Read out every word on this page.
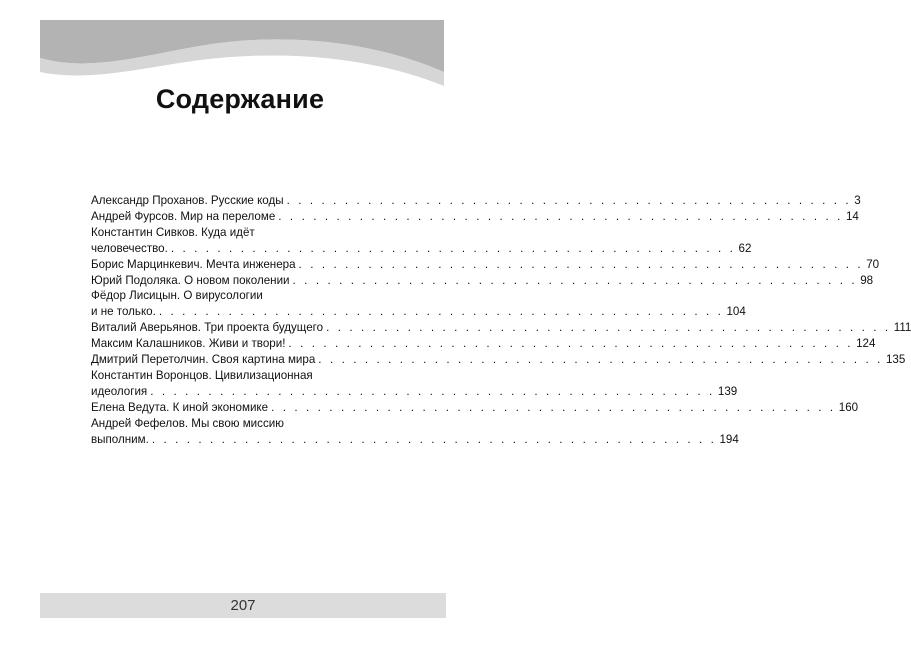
Содержание
Александр Проханов. Русские коды . . . . . . . . . . . . . . . . . . . . . . . . . . . . . . . . . . . . . . . . . . . . . . . . . 3
Андрей Фурсов. Мир на переломе . . . . . . . . . . . . . . . . . . . . . . . . . . . . . . . . . . . . . . . . . . . . . . . . . 14
Константин Сивков. Куда идёт
человечество. . . . . . . . . . . . . . . . . . . . . . . . . . . . . . . . . . . . . . . . . . . . . . . . . . 62
Борис Марцинкевич. Мечта инженера . . . . . . . . . . . . . . . . . . . . . . . . . . . . . . . . . . . . . . . . . . . . . . . . . 70
Юрий Подоляка. О новом поколении . . . . . . . . . . . . . . . . . . . . . . . . . . . . . . . . . . . . . . . . . . . . . . . . . 98
Фёдор Лисицын. О вирусологии
и не только. . . . . . . . . . . . . . . . . . . . . . . . . . . . . . . . . . . . . . . . . . . . . . . . . . 104
Виталий Аверьянов. Три проекта будущего . . . . . . . . . . . . . . . . . . . . . . . . . . . . . . . . . . . . . . . . . . . . . . . . . 111
Максим Калашников. Живи и твори! . . . . . . . . . . . . . . . . . . . . . . . . . . . . . . . . . . . . . . . . . . . . . . . . . 124
Дмитрий Перетолчин. Своя картина мира . . . . . . . . . . . . . . . . . . . . . . . . . . . . . . . . . . . . . . . . . . . . . . . . . 135
Константин Воронцов. Цивилизационная
идеология . . . . . . . . . . . . . . . . . . . . . . . . . . . . . . . . . . . . . . . . . . . . . . . . . 139
Елена Ведута. К иной экономике . . . . . . . . . . . . . . . . . . . . . . . . . . . . . . . . . . . . . . . . . . . . . . . . . 160
Андрей Фефелов. Мы свою миссию
выполним. . . . . . . . . . . . . . . . . . . . . . . . . . . . . . . . . . . . . . . . . . . . . . . . . . 194
207
